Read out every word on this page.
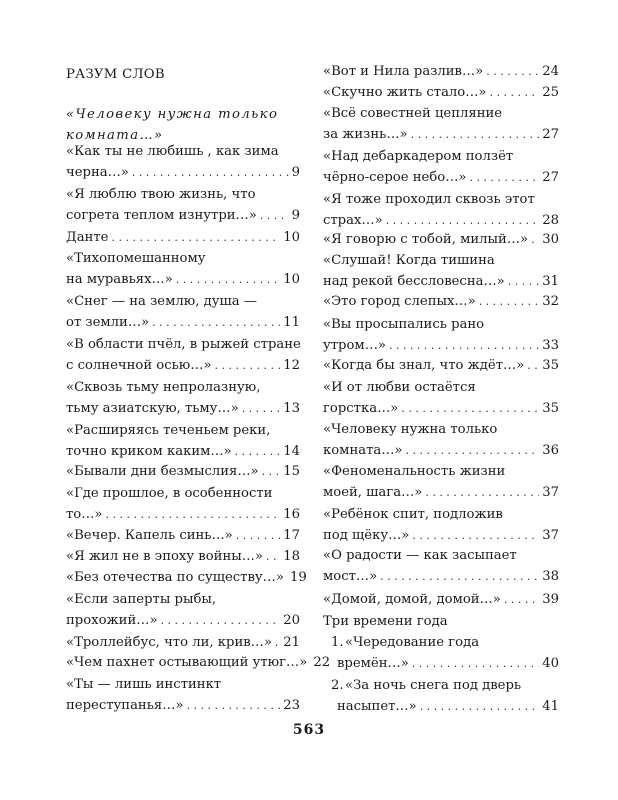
РАЗУМ СЛОВ
«Человеку нужна только
комната…»
«Как ты не любишь , как зима
черна…» . . .	9
«Я люблю твою жизнь, что
согрета теплом изнутри…» . . .	9
Данте . . .	10
«Тихопомешанному
на муравьях…» . . .	10
«Снег — на землю, душа —
от земли…» . . .	11
«В области пчёл, в рыжей стране
с солнечной осью…» . . .	12
«Сквозь тьму непролазную,
тьму азиатскую, тьму…» . . .	13
«Расширяясь теченьем реки,
точно криком каким…» . . .	14
«Бывали дни безмыслия…» . . . 15
«Где прошлое, в особенности
то…» . . .	16
«Вечер. Капель синь…» . . .	17
«Я жил не в эпоху войны…» . . . 18
«Без отечества по существу…» 19
«Если заперты рыбы,
прохожий…» . . .	20
«Троллейбус, что ли, крив…» . . . 21
«Чем пахнет остывающий утюг…» 22
«Ты — лишь инстинкт
переступанья…» . . .	23
«Вот и Нила разлив…» . . .	24
«Скучно жить стало…» . . .	25
«Всё совестней цепляние
за жизнь…» . . .	27
«Над дебаркадером ползёт
чёрно-серое небо…» . . .	27
«Я тоже проходил сквозь этот
страх…» . . .	28
«Я говорю с тобой, милый…» . . . 30
«Слушай! Когда тишина
над рекой бессловесна…» . . .	31
«Это город слепых…» . . .	32
«Вы просыпались рано
утром…» . . .	33
«Когда бы знал, что ждёт…» . . . 35
«И от любви остаётся
горстка…» . . .	35
«Человеку нужна только
комната…» . . .	36
«Феноменальность жизни
моей, шага…» . . .	37
«Ребёнок спит, подложив
под щёку…» . . .	37
«О радости — как засыпает
мост…» . . .	38
«Домой, домой, домой…» . . .	39
Три времени года
1. «Чередование года
времён…» . . .	40
2. «За ночь снега под дверь
насыпет…» . . .	41
563
